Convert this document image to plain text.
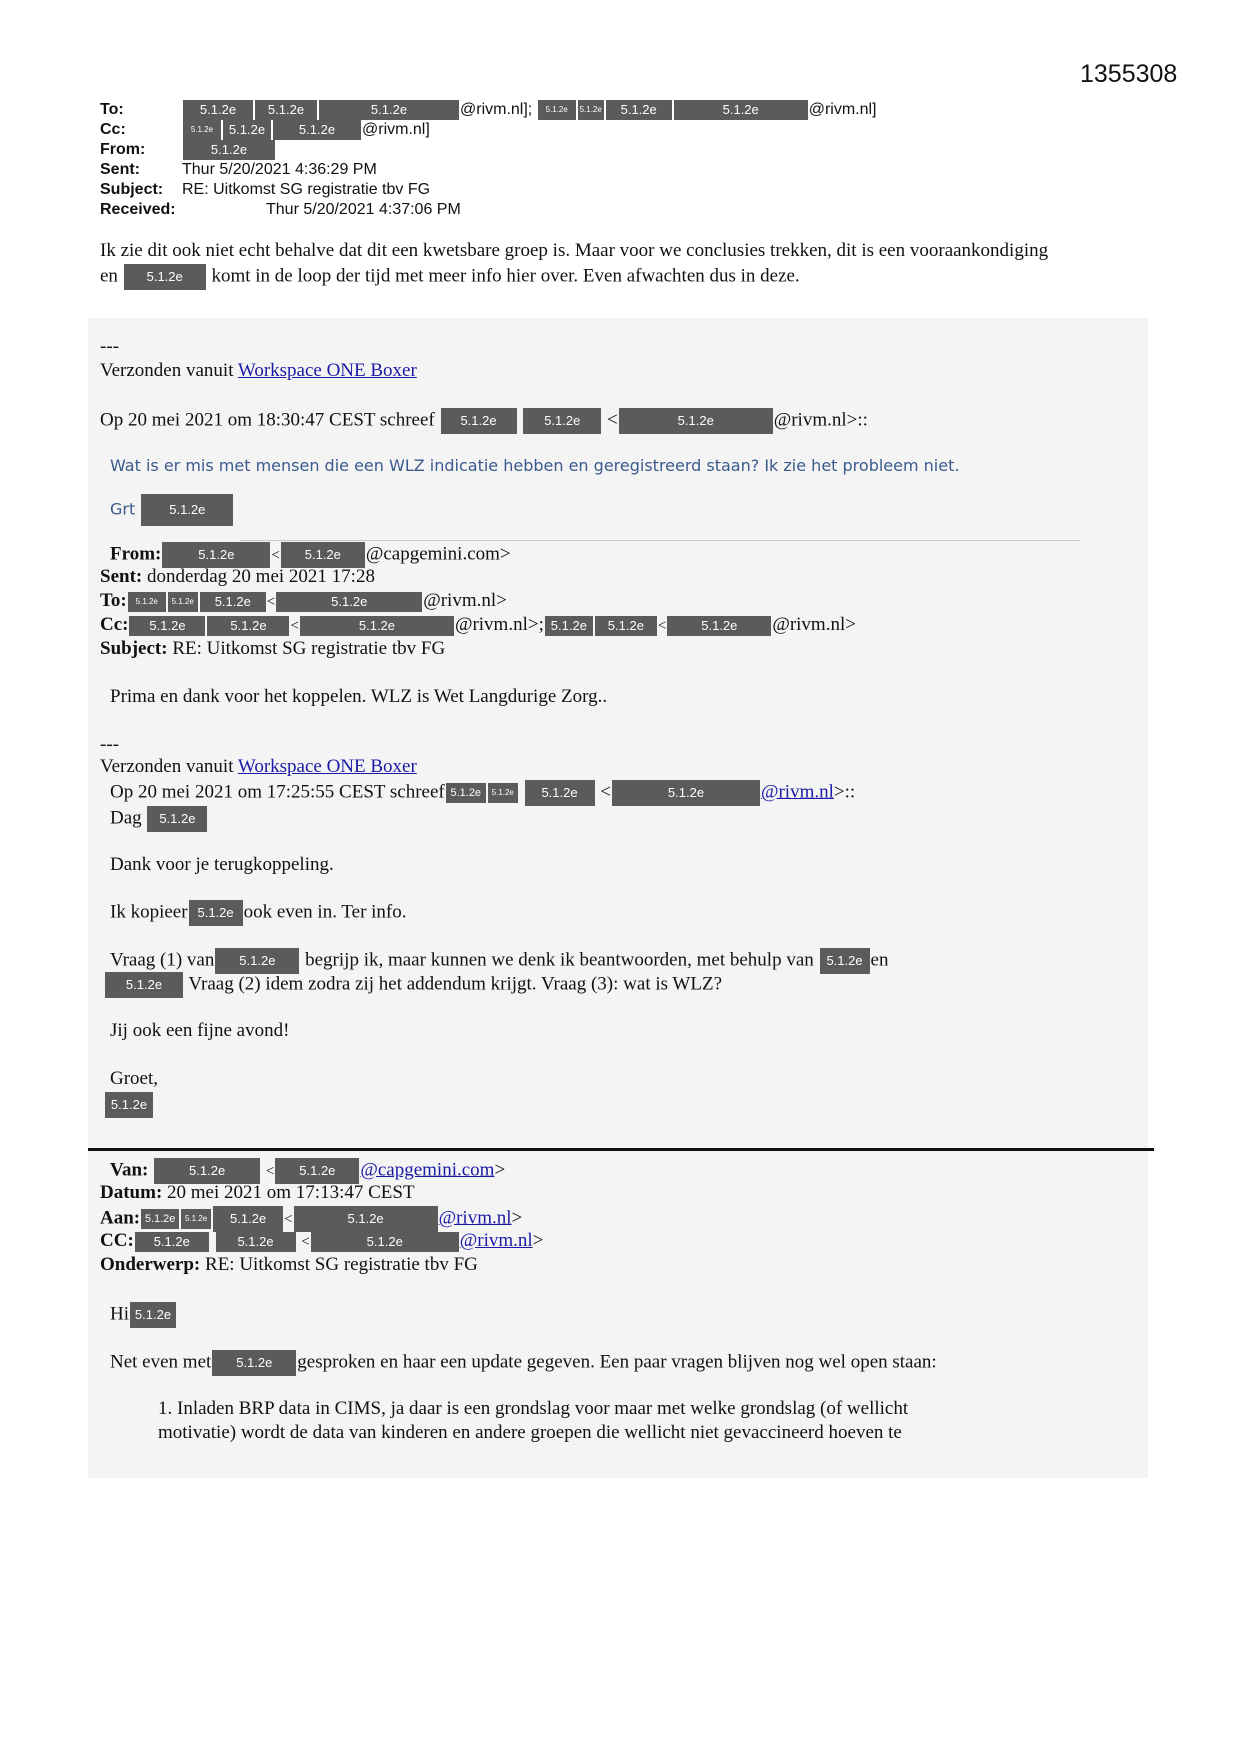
1355308
To:	5.1.2e 5.1.2e	5.1.2e	@rivm.nl]; 5.1.2e 5.1.2e 5.1.2e	5.1.2e	@rivm.nl]
Cc:	5.1.2e 5.1.2e	5.1.2e @rivm.nl]
From:	5.1.2e
Sent:	Thur 5/20/2021 4:36:29 PM
Subject: RE: Uitkomst SG registratie tbv FG
Received:	Thur 5/20/2021 4:37:06 PM
Ik zie dit ook niet echt behalve dat dit een kwetsbare groep is. Maar voor we conclusies trekken, dit is een vooraankondiging
en 5.1.2e komt in de loop der tijd met meer info hier over. Even afwachten dus in deze.
---
Verzonden vanuit Workspace ONE Boxer
Op 20 mei 2021 om 18:30:47 CEST schreef 5.1.2e	5.1.2e <	5.1.2e	@rivm.nl>::
Wat is er mis met mensen die een WLZ indicatie hebben en geregistreerd staan? Ik zie het probleem niet.
Grt	5.1.2e
From:	5.1.2e < 5.1.2e @capgemini.com>
Sent: donderdag 20 mei 2021 17:28
To: 5.1.2e 5.1.2e 5.1.2e <	5.1.2e	@rivm.nl>
Cc: 5.1.2e	5.1.2e <	5.1.2e	@rivm.nl>; 5.1.2e 5.1.2e <	5.1.2e @rivm.nl>
Subject: RE: Uitkomst SG registratie tbv FG
Prima en dank voor het koppelen. WLZ is Wet Langdurige Zorg..
---
Verzonden vanuit Workspace ONE Boxer
Op 20 mei 2021 om 17:25:55 CEST schreef 5.1.2e 5.1.2e 5.1.2e <	5.1.2e	@rivm.nl>::
Dag 5.1.2e
Dank voor je terugkoppeling.
Ik kopieer 5.1.2e ook even in. Ter info.
Vraag (1) van 5.1.2e begrijp ik, maar kunnen we denk ik beantwoorden, met behulp van 5.1.2e en
5.1.2e Vraag (2) idem zodra zij het addendum krijgt. Vraag (3): wat is WLZ?
Jij ook een fijne avond!
Groet,
5.1.2e
Van:	5.1.2e	< 5.1.2e @capgemini.com>
Datum: 20 mei 2021 om 17:13:47 CEST
Aan: 5.1.2e 5.1.2e 5.1.2e <	5.1.2e	@rivm.nl>
CC: 5.1.2e	5.1.2e <	5.1.2e	@rivm.nl>
Onderwerp: RE: Uitkomst SG registratie tbv FG
Hi 5.1.2e
Net even met 5.1.2e gesproken en haar een update gegeven. Een paar vragen blijven nog wel open staan:
1. Inladen BRP data in CIMS, ja daar is een grondslag voor maar met welke grondslag (of wellicht
motivatie) wordt de data van kinderen en andere groepen die wellicht niet gevaccineerd hoeven te
